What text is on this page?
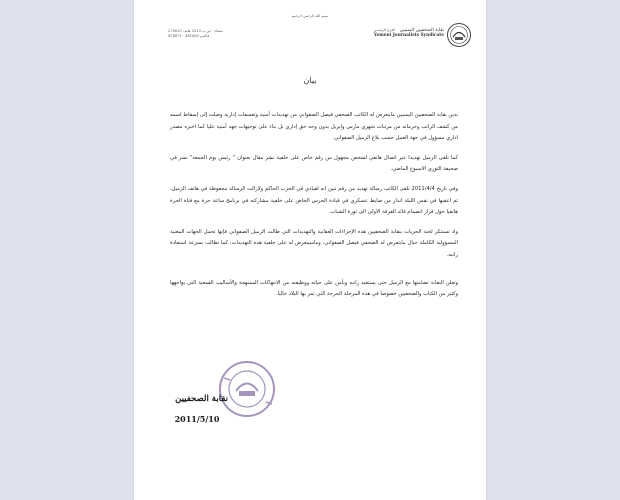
بسم الله الرحمن الرحيم
نقابة الصحفيين اليمنيين   الفرع الرئيسي
Yemeni Journalists Syndicate
صنعاء - ص.ب 3213 هاتف 278025
فاكس 481663 - 474871
بيان

تدين نقابة الصحفيين اليمنيين مايتعرض له الكاتب الصحفي فيصل الصفواني من تهديدات أمنية وتعسفات إدارية وصلت إلى إسقاط اسمه من كشف الراتب وحرمانه من مرتبات شهري مارس وابريل بدون وجه حق إداري بل بناء على توجيهات جهة أمنية عليا كما اخبره مصدر اداري مسؤول في جهة العمل حسب بلاغ الزميل الصفواني.

كما تلقى الزميل تهديدا عبر اتصال هاتفي لشخص مجهول من رقم خاص على خلفية نشر مقال بعنوان " رئيس يوم الجمعة" نشر في صحيفة الثوري الاسبوع الماضي.

وفي تاريخ 2011/4/4 تلقى الكاتب رسالة تهديد من رقم تبين انه لقيادي في الحزب الحاكم ولازالت الرسالة محفوظة في هاتف الزميل، ثم اعقبها في نفس الليلة انذار من ضابط عسكري في قيادة الحرس الخاص على خلفية مشاركته في برنامج ساعة حرة مع قناة الحرة هاتفيا حول قرار انضمام قائد الفرقة الاولى الى ثورة الشباب.

واذ تستنكر لجنة الحريات بنقابة الصحفيين هذه الإجراءات العقابية والتهديدات التي طالت الزميل الصفواني فإنها تحمل الجهات المعنية المسؤولية الكاملة حيال مايتعرض له الصحفي فيصل الصفواني، وماسيتعرض له على خلفية هذه التهديدات، كما تطالب بسرعة استعادة راتبه.

وتعلن النقابة تضامنها مع الزميل حتى يستعيد راتبه ويأمن على حياته ووظيفته من الانتهاكات الممنهجة والأساليب القمعية التي يواجهها وكثير من الكتاب والصحفيين خصوصا في هذه المرحلة الحرجة التي تمر بها البلاد حاليا.

نقابة الصحفيين
2011/5/10
